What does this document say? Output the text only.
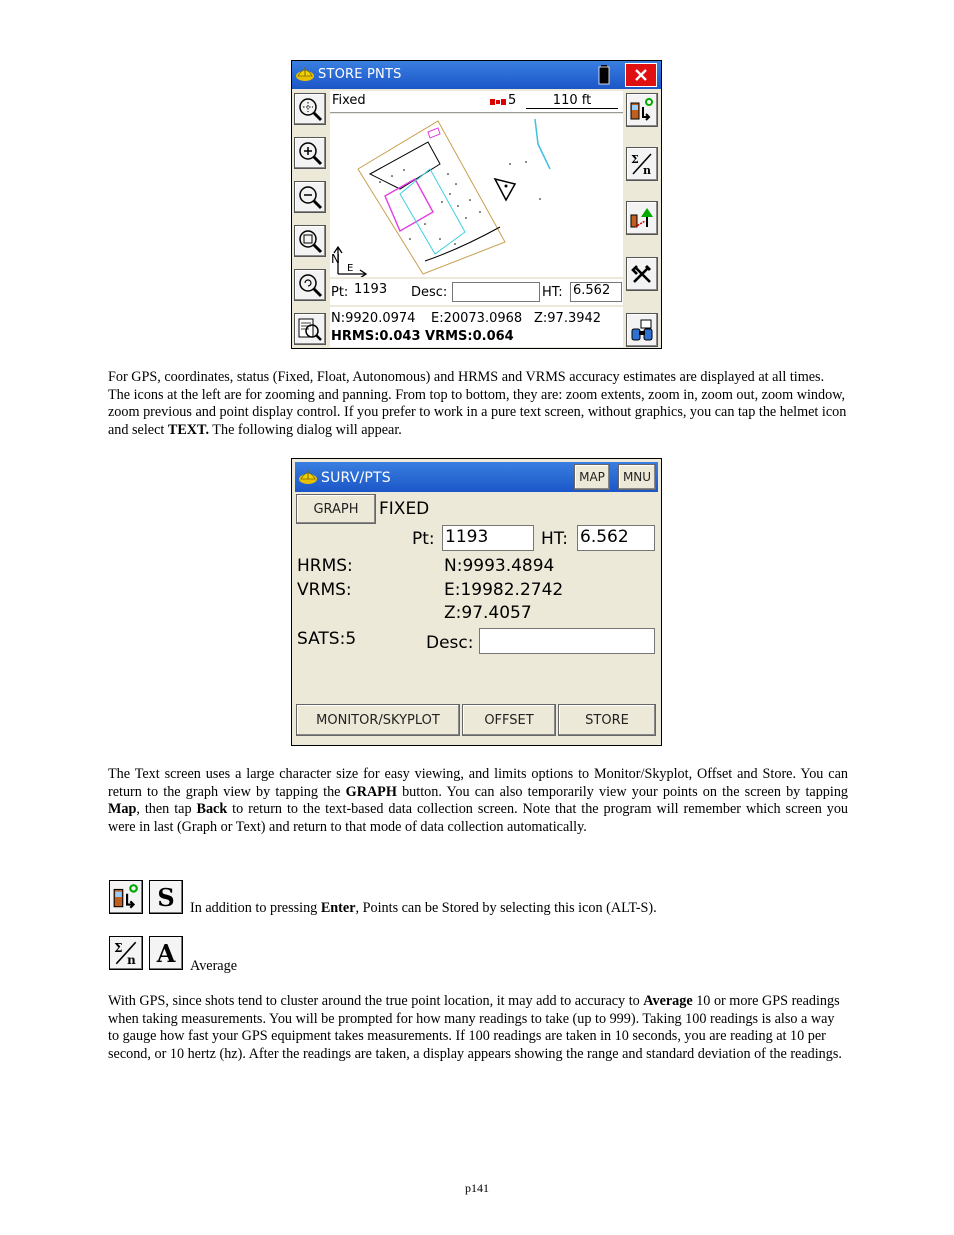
STORE PNTS
Fixed	5	110 ft
N
E
Pt: 1193	Desc:	HT: 6.562
N:9920.0974 E:20073.0968 Z:97.3942
HRMS:0.043 VRMS:0.064
Σ
n
For GPS, coordinates, status (Fixed, Float, Autonomous) and HRMS and VRMS accuracy estimates are displayed at all times. The icons at the left are for zooming and panning. From top to bottom, they are: zoom extents, zoom in, zoom out, zoom window, zoom previous and point display control. If you prefer to work in a pure text screen, without graphics, you can tap the helmet icon and select TEXT. The following dialog will appear.
SURV/PTS	MAP MNU
GRAPH FIXED
Pt: 1193	HT: 6.562
HRMS:
VRMS:
N:9993.4894
E:19982.2742
Z:97.4057
SATS:5	Desc:
MONITOR/SKYPLOT	OFFSET	STORE
The Text screen uses a large character size for easy viewing, and limits options to Monitor/Skyplot, Offset and Store. You can return to the graph view by tapping the GRAPH button. You can also temporarily view your points on the screen by tapping Map, then tap Back to return to the text-based data collection screen. Note that the program will remember which screen you were in last (Graph or Text) and return to that mode of data collection automatically.
S In addition to pressing Enter, Points can be Stored by selecting this icon (ALT-S).
Σ
n A Average
With GPS, since shots tend to cluster around the true point location, it may add to accuracy to Average 10 or more GPS readings when taking measurements. You will be prompted for how many readings to take (up to 999). Taking 100 readings is also a way to gauge how fast your GPS equipment takes measurements. If 100 readings are taken in 10 seconds, you are reading at 10 per second, or 10 hertz (hz). After the readings are taken, a display appears showing the range and standard deviation of the readings.
p141
